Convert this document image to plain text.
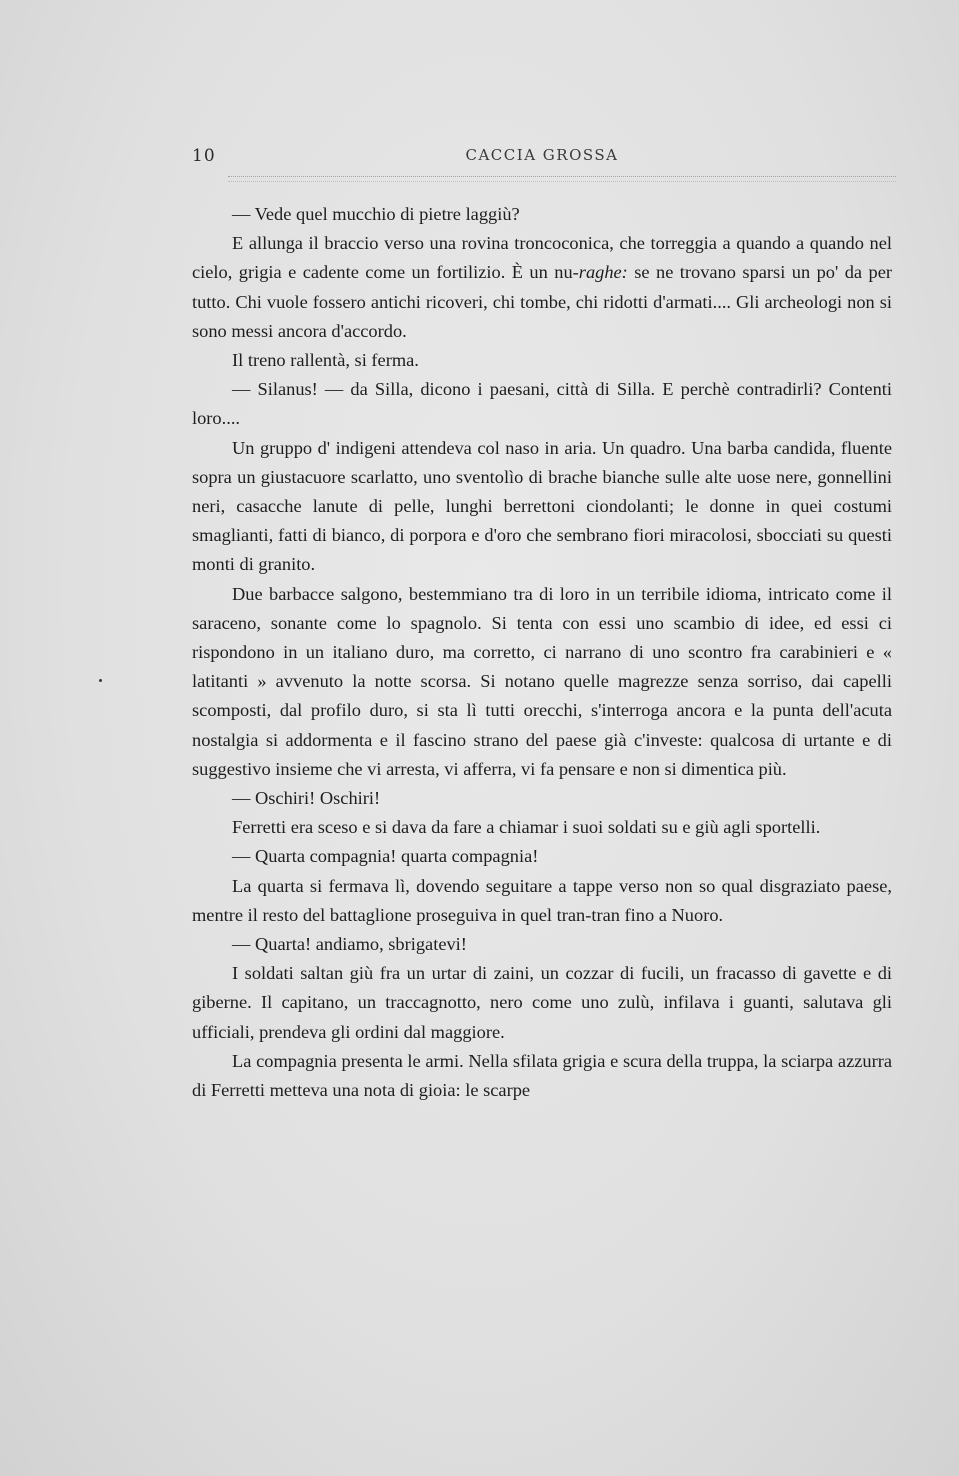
10	CACCIA GROSSA

— Vede quel mucchio di pietre laggiù?

E allunga il braccio verso una rovina troncoconica, che torreggia a quando a quando nel cielo, grigia e cadente come un fortilizio. È un nu-raghe: se ne trovano sparsi un po' da per tutto. Chi vuole fossero antichi ricoveri, chi tombe, chi ridotti d'armati.... Gli archeologi non si sono messi ancora d'accordo.

Il treno rallentà, si ferma.

— Silanus! — da Silla, dicono i paesani, città di Silla. E perchè contradirli? Contenti loro....

Un gruppo d' indigeni attendeva col naso in aria. Un quadro. Una barba candida, fluente sopra un giustacuore scarlatto, uno sventolìo di brache bianche sulle alte uose nere, gonnellini neri, casacche lanute di pelle, lunghi berrettoni ciondolanti; le donne in quei costumi smaglianti, fatti di bianco, di porpora e d'oro che sembrano fiori miracolosi, sbocciati su questi monti di granito.

Due barbacce salgono, bestemmiano tra di loro in un terribile idioma, intricato come il saraceno, sonante come lo spagnolo. Si tenta con essi uno scambio di idee, ed essi ci rispondono in un italiano duro, ma corretto, ci narrano di uno scontro fra carabinieri e « latitanti » avvenuto la notte scorsa. Si notano quelle magrezze senza sorriso, dai capelli scomposti, dal profilo duro, si sta lì tutti orecchi, s'interroga ancora e la punta dell'acuta nostalgia si addormenta e il fascino strano del paese già c'investe: qualcosa di urtante e di suggestivo insieme che vi arresta, vi afferra, vi fa pensare e non si dimentica più.

— Oschiri! Oschiri!

Ferretti era sceso e si dava da fare a chiamar i suoi soldati su e giù agli sportelli.

— Quarta compagnia! quarta compagnia!

La quarta si fermava lì, dovendo seguitare a tappe verso non so qual disgraziato paese, mentre il resto del battaglione proseguiva in quel tran-tran fino a Nuoro.

— Quarta! andiamo, sbrigatevi!

I soldati saltan giù fra un urtar di zaini, un cozzar di fucili, un fracasso di gavette e di giberne. Il capitano, un traccagnotto, nero come uno zulù, infilava i guanti, salutava gli ufficiali, prendeva gli ordini dal maggiore.

La compagnia presenta le armi. Nella sfilata grigia e scura della truppa, la sciarpa azzurra di Ferretti metteva una nota di gioia: le scarpe
